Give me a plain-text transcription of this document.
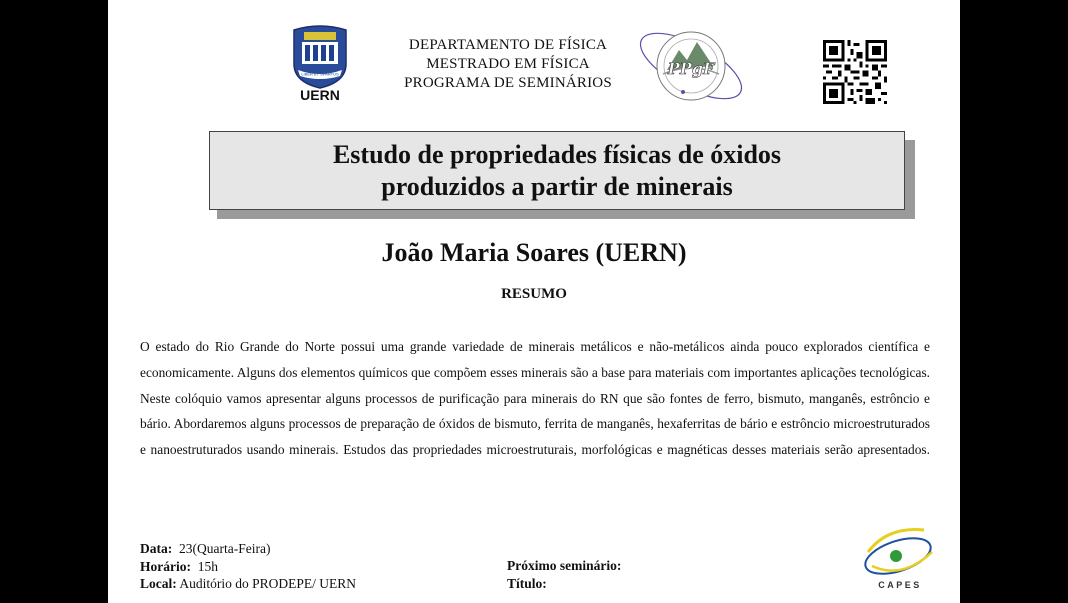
LIBER ET SPARTUS
UERN
DEPARTAMENTO DE FÍSICA
MESTRADO EM FÍSICA
PROGRAMA DE SEMINÁRIOS
PPgF
Estudo de propriedades físicas de óxidos
produzidos a partir de minerais
João Maria Soares (UERN)
RESUMO
O estado do Rio Grande do Norte possui uma grande variedade de minerais metálicos e não-metálicos ainda pouco explorados científica e economicamente. Alguns dos elementos químicos que compõem esses minerais são a base para materiais com importantes aplicações tecnológicas. Neste colóquio vamos apresentar alguns processos de purificação para minerais do RN que são fontes de ferro, bismuto, manganês, estrôncio e bário. Abordaremos alguns processos de preparação de óxidos de bismuto, ferrita de manganês, hexaferritas de bário e estrôncio microestruturados e nanoestruturados usando minerais. Estudos das propriedades microestruturais, morfológicas e magnéticas desses materiais serão apresentados.
Data: 23(Quarta-Feira)
Horário: 15h
Local: Auditório do PRODEPE/ UERN
Próximo seminário:
Título:	CAPES
